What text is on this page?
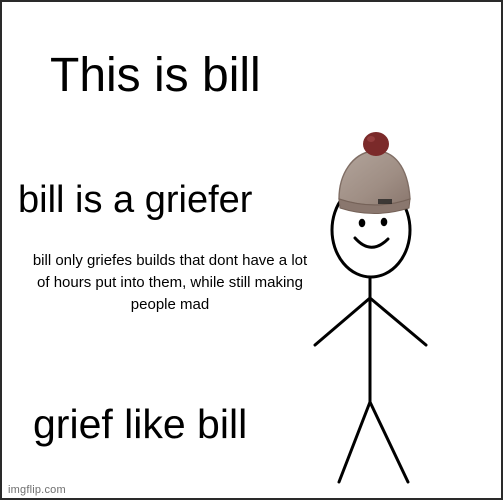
This is bill

bill is a griefer

bill only griefes builds that dont have a lot of hours put into them, while still making people mad

grief like bill

imgflip.com
